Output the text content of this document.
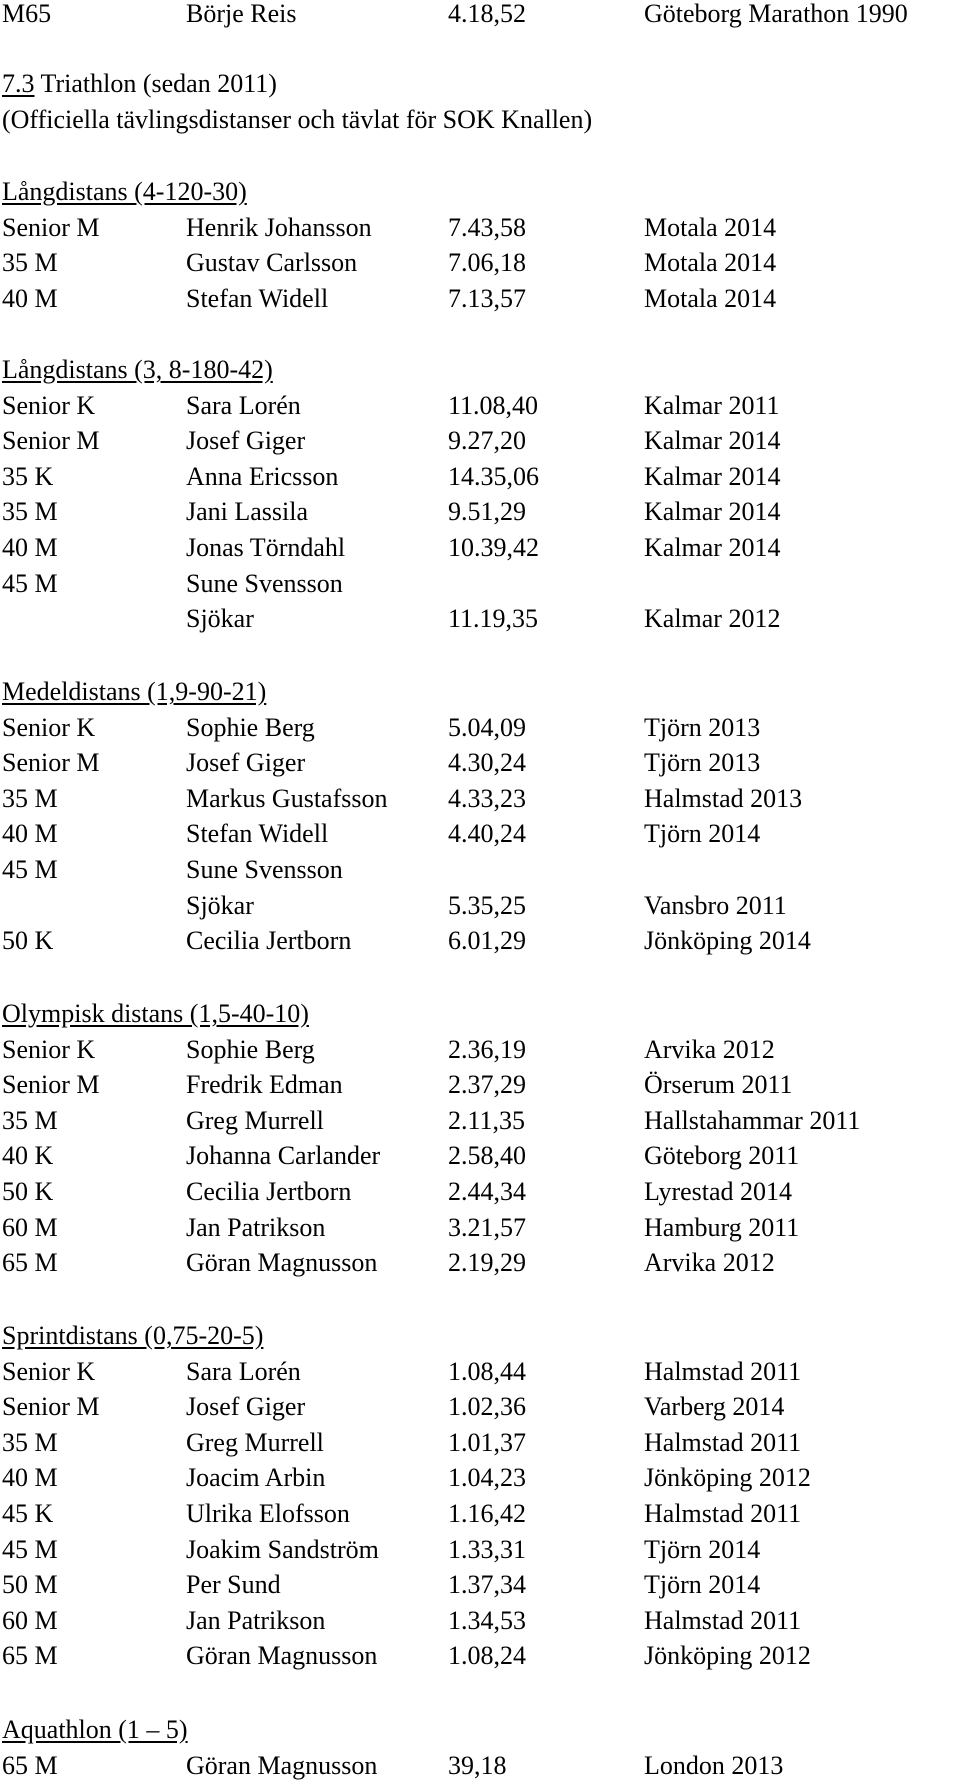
M65	Börje Reis	4.18,52	Göteborg Marathon 1990
7.3 Triathlon (sedan 2011)
(Officiella tävlingsdistanser och tävlat för SOK Knallen)
Långdistans (4-120-30)
Senior M	Henrik Johansson	7.43,58	Motala 2014
35 M	Gustav Carlsson	7.06,18	Motala 2014
40 M	Stefan Widell	7.13,57	Motala 2014
Långdistans (3, 8-180-42)
Senior K	Sara Lorén	11.08,40	Kalmar 2011
Senior M	Josef Giger	9.27,20	Kalmar 2014
35 K	Anna Ericsson	14.35,06	Kalmar 2014
35 M	Jani Lassila	9.51,29	Kalmar 2014
40 M	Jonas Törndahl	10.39,42	Kalmar 2014
45 M	Sune Svensson
Sjökar	11.19,35	Kalmar 2012
Medeldistans (1,9-90-21)
Senior K	Sophie Berg	5.04,09	Tjörn 2013
Senior M	Josef Giger	4.30,24	Tjörn 2013
35 M	Markus Gustafsson 4.33,23	Halmstad 2013
40 M	Stefan Widell	4.40,24	Tjörn 2014
45 M	Sune Svensson
Sjökar	5.35,25	Vansbro 2011
50 K	Cecilia Jertborn	6.01,29	Jönköping 2014
Olympisk distans (1,5-40-10)
Senior K	Sophie Berg	2.36,19	Arvika 2012
Senior M	Fredrik Edman	2.37,29	Örserum 2011
35 M	Greg Murrell	2.11,35	Hallstahammar 2011
40 K	Johanna Carlander	2.58,40	Göteborg 2011
50 K	Cecilia Jertborn	2.44,34	Lyrestad 2014
60 M	Jan Patrikson	3.21,57	Hamburg 2011
65 M	Göran Magnusson	2.19,29	Arvika 2012
Sprintdistans (0,75-20-5)
Senior K	Sara Lorén	1.08,44	Halmstad 2011
Senior M	Josef Giger	1.02,36	Varberg 2014
35 M	Greg Murrell	1.01,37	Halmstad 2011
40 M	Joacim Arbin	1.04,23	Jönköping 2012
45 K	Ulrika Elofsson	1.16,42	Halmstad 2011
45 M	Joakim Sandström	1.33,31	Tjörn 2014
50 M	Per Sund	1.37,34	Tjörn 2014
60 M	Jan Patrikson	1.34,53	Halmstad 2011
65 M	Göran Magnusson	1.08,24	Jönköping 2012
Aquathlon (1 – 5)
65 M	Göran Magnusson	39,18	London 2013
